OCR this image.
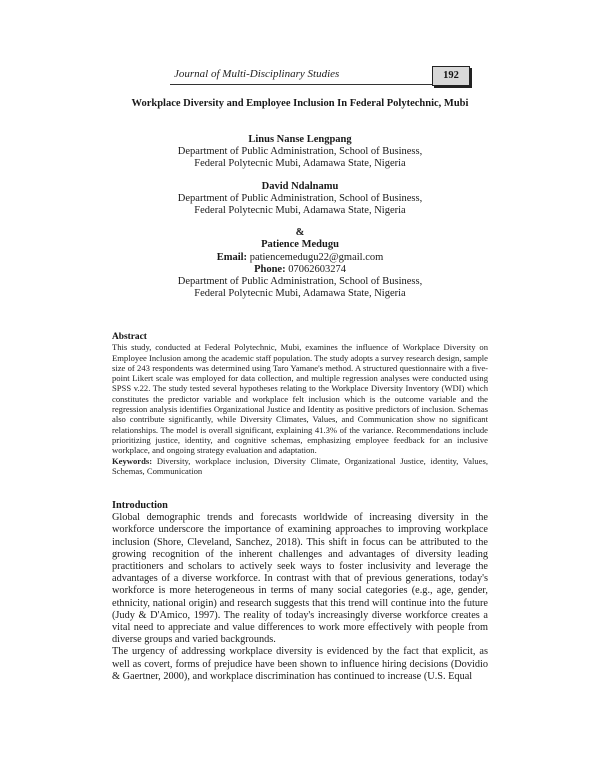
Journal of Multi-Disciplinary Studies	192
Workplace Diversity and Employee Inclusion In Federal Polytechnic, Mubi
Linus Nanse Lengpang
Department of Public Administration, School of Business,
Federal Polytecnic Mubi, Adamawa State, Nigeria
David Ndalnamu
Department of Public Administration, School of Business,
Federal Polytecnic Mubi, Adamawa State, Nigeria
&
Patience Medugu
Email: patiencemedugu22@gmail.com
Phone: 07062603274
Department of Public Administration, School of Business,
Federal Polytecnic Mubi, Adamawa State, Nigeria
Abstract

This study, conducted at Federal Polytechnic, Mubi, examines the influence of Workplace Diversity on Employee Inclusion among the academic staff population. The study adopts a survey research design, sample size of 243 respondents was determined using Taro Yamane's method. A structured questionnaire with a five-point Likert scale was employed for data collection, and multiple regression analyses were conducted using SPSS v.22. The study tested several hypotheses relating to the Workplace Diversity Inventory (WDI) which constitutes the predictor variable and workplace felt inclusion which is the outcome variable and the regression analysis identifies Organizational Justice and Identity as positive predictors of inclusion. Schemas also contribute significantly, while Diversity Climates, Values, and Communication show no significant relationships. The model is overall significant, explaining 41.3% of the variance. Recommendations include prioritizing justice, identity, and cognitive schemas, emphasizing employee feedback for an inclusive workplace, and ongoing strategy evaluation and adaptation.

Keywords: Diversity, workplace inclusion, Diversity Climate, Organizational Justice, identity, Values, Schemas, Communication

Introduction

Global demographic trends and forecasts worldwide of increasing diversity in the workforce underscore the importance of examining approaches to improving workplace inclusion (Shore, Cleveland, Sanchez, 2018). This shift in focus can be attributed to the growing recognition of the inherent challenges and advantages of diversity leading practitioners and scholars to actively seek ways to foster inclusivity and leverage the advantages of a diverse workforce. In contrast with that of previous generations, today's workforce is more heterogeneous in terms of many social categories (e.g., age, gender, ethnicity, national origin) and research suggests that this trend will continue into the future (Judy & D'Amico, 1997). The reality of today's increasingly diverse workforce creates a vital need to appreciate and value differences to work more effectively with people from diverse groups and varied backgrounds.

The urgency of addressing workplace diversity is evidenced by the fact that explicit, as well as covert, forms of prejudice have been shown to influence hiring decisions (Dovidio & Gaertner, 2000), and workplace discrimination has continued to increase (U.S. Equal
